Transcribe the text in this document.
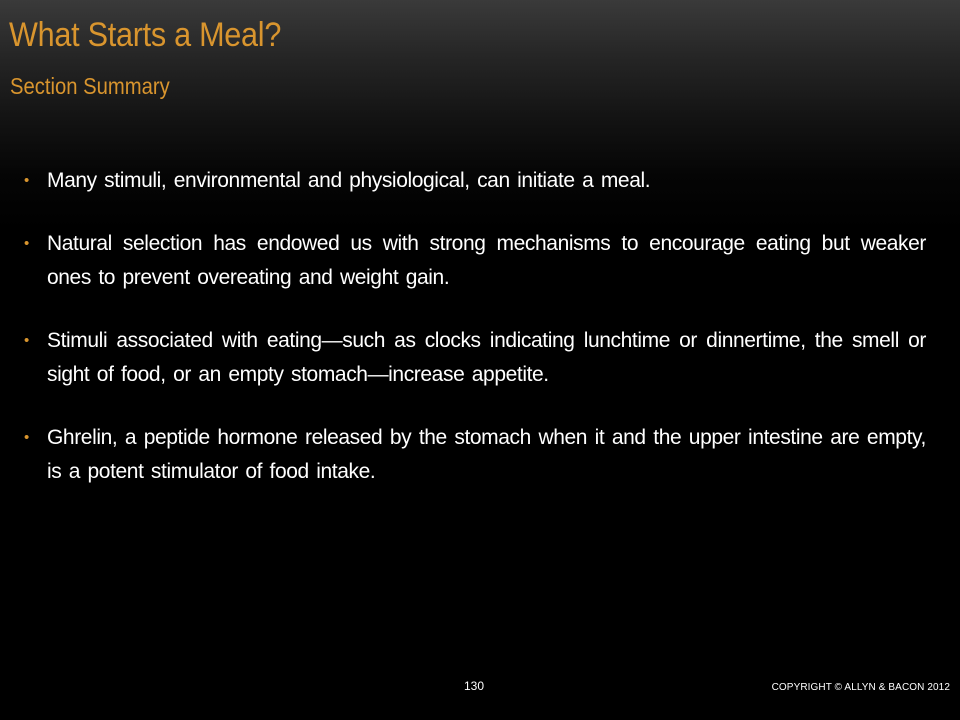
What Starts a Meal?
Section Summary
• Many stimuli, environmental and physiological, can initiate a meal.
• Natural selection has endowed us with strong mechanisms to encourage eating but weaker ones to prevent overeating and weight gain.
• Stimuli associated with eating—such as clocks indicating lunchtime or dinnertime, the smell or sight of food, or an empty stomach—increase appetite.
• Ghrelin, a peptide hormone released by the stomach when it and the upper intestine are empty, is a potent stimulator of food intake.

130	COPYRIGHT © ALLYN & BACON 2012
